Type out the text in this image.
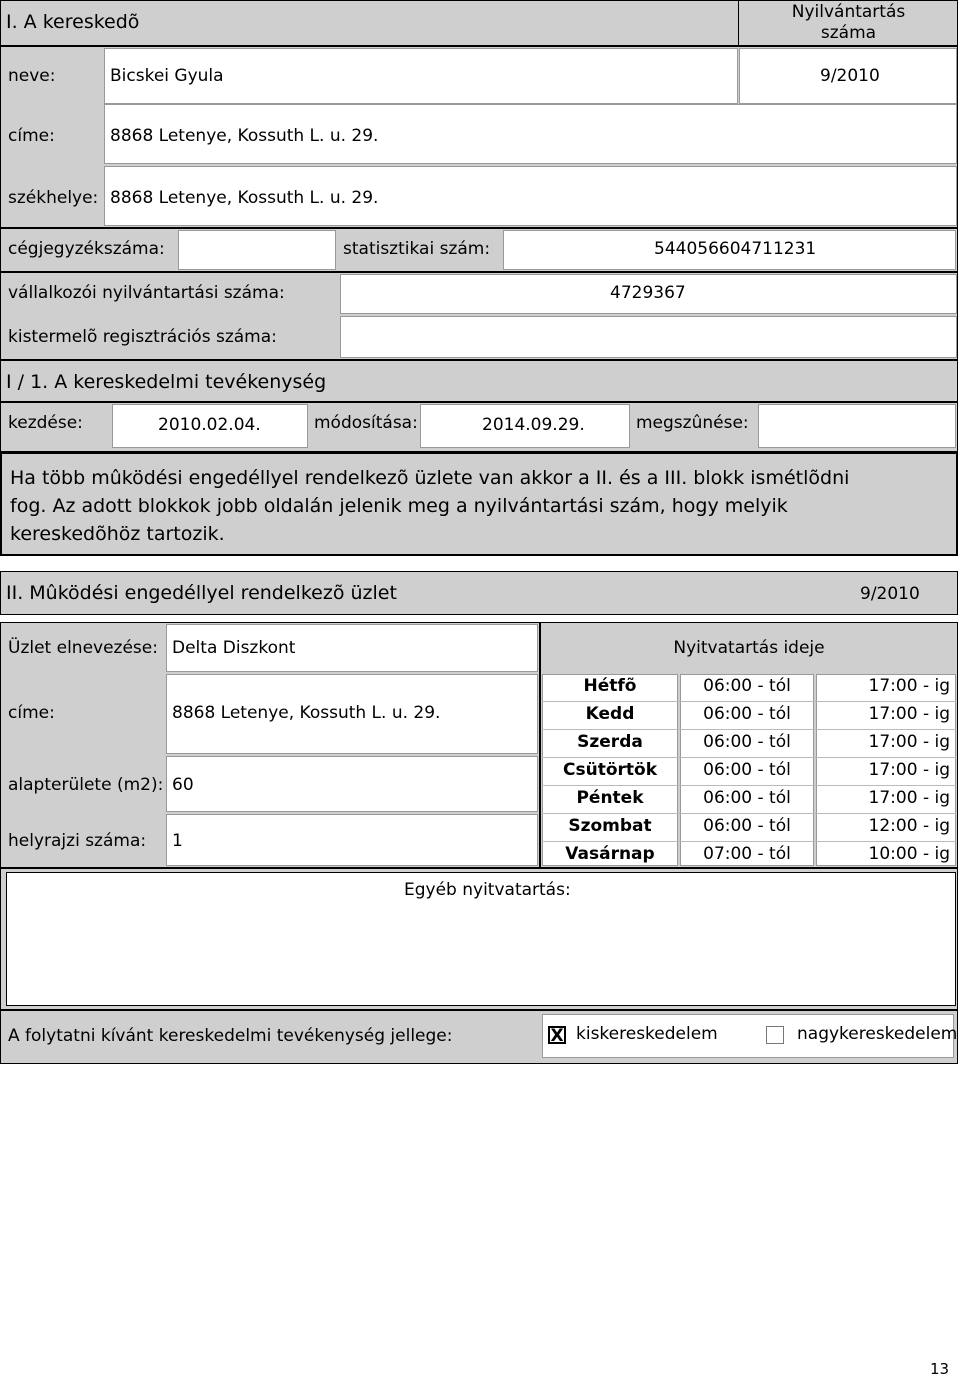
I. A kereskedõ	Nyilvántartás
száma
neve:	Bicskei Gyula	9/2010
címe:	8868 Letenye, Kossuth L. u. 29.
székhelye: 8868 Letenye, Kossuth L. u. 29.
cégjegyzékszáma:	statisztikai szám:	544056604711231
vállalkozói nyilvántartási száma:	4729367
kistermelõ regisztrációs száma:
I / 1. A kereskedelmi tevékenység
kezdése:	2010.02.04.	módosítása:	2014.09.29.	megszûnése:
Ha több mûködési engedéllyel rendelkezõ üzlete van akkor a II. és a III. blokk ismétlõdni
fog. Az adott blokkok jobb oldalán jelenik meg a nyilvántartási szám, hogy melyik
kereskedõhöz tartozik.
II. Mûködési engedéllyel rendelkezõ üzlet	9/2010
Üzlet elnevezése: Delta Diszkont
címe:	8868 Letenye, Kossuth L. u. 29.
alapterülete (m2): 60
helyrajzi száma: 1
Nyitvatartás ideje
Hétfõ	06:00 - tól	17:00 - ig
Kedd	06:00 - tól	17:00 - ig
Szerda	06:00 - tól	17:00 - ig
Csütörtök	06:00 - tól	17:00 - ig
Péntek	06:00 - tól	17:00 - ig
Szombat	06:00 - tól	12:00 - ig
Vasárnap	07:00 - tól	10:00 - ig
Egyéb nyitvatartás:
A folytatni kívánt kereskedelmi tevékenység jellege:	X kiskereskedelem	nagykereskedelem
13
